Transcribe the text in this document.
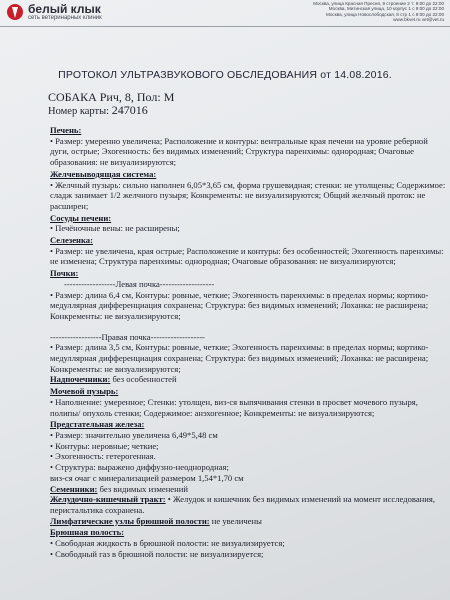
белый клык
сеть ветеринарных клиник
Москва, улица Красная Пресня, 9 строение 2 т: 9:00 до 22:00
Москва, Митинская улица, 10 корпус 1 с 9:00 до 22:00
Москва, улица Новослободская, 8 стр 1 с 9:00 до 22:00
www.bkvet.ru vet@vet.ru
ПРОТОКОЛ УЛЬТРАЗВУКОВОГО ОБСЛЕДОВАНИЯ от 14.08.2016.
СОБАКА Рич, 8, Пол: М
Номер карты: 247016
Печень:
• Размер: умеренно увеличена; Расположение и контуры: вентральные края печени на уровне реберной дуги, острые; Эхогенность: без видимых изменений; Структура паренхимы: однородная; Очаговые образования: не визуализируются;
Желчевыводящая система:
• Желчный пузырь: сильно наполнен 6,05*3,65 см, форма грушевидная; стенки: не утолщены; Содержимое: сладж занимает 1/2 желчного пузыря; Конкременты: не визуализируются; Общий желчный проток: не расширен;
Сосуды печени:
• Печёночные вены: не расширены;
Селезенка:
• Размер: не увеличена, края острые; Расположение и контуры: без особенностей; Эхогенность паренхимы: не изменена; Структура паренхимы: однородная; Очаговые образования: не визуализируются;
Почки:
------------------Левая почка-------------------
• Размер: длина 6,4 см, Контуры: ровные, четкие; Эхогенность паренхимы: в пределах нормы; кортико-медуллярная дифференциация сохранена; Структура: без видимых изменений; Лоханка: не расширена; Конкременты: не визуализируются;
------------------Правая почка-------------------
• Размер: длина 3,5 см, Контуры: ровные, четкие; Эхогенность паренхимы: в пределах нормы; кортико-медуллярная дифференциация сохранена; Структура: без видимых изменений; Лоханка: не расширена; Конкременты: не визуализируются;
Надпочечники: без особенностей
Мочевой пузырь:
• Наполнение: умеренное; Стенки: утолщен, виз-ся выпячивания стенки в просвет мочевого пузыря, полипы/ опухоль стенки; Содержимое: анэхогенное; Конкременты: не визуализируются;
Предстательная железа:
• Размер: значительно увеличена 6,49*5,48 см
• Контуры: неровные; четкие;
• Эхогенность: гетерогенная.
• Структура: выражено диффузно-неоднородная;
виз-ся очаг с минерализацией размером 1,54*1,70 см
Семенники: без видимых изменений
Желудочно-кишечный тракт: • Желудок и кишечник без видимых изменений на момент исследования, перистальтика сохранена.
Лимфатические узлы брюшной полости: не увеличены
Брюшная полость:
• Свободная жидкость в брюшной полости: не визуализируется;
• Свободный газ в брюшной полости: не визуализируется;
